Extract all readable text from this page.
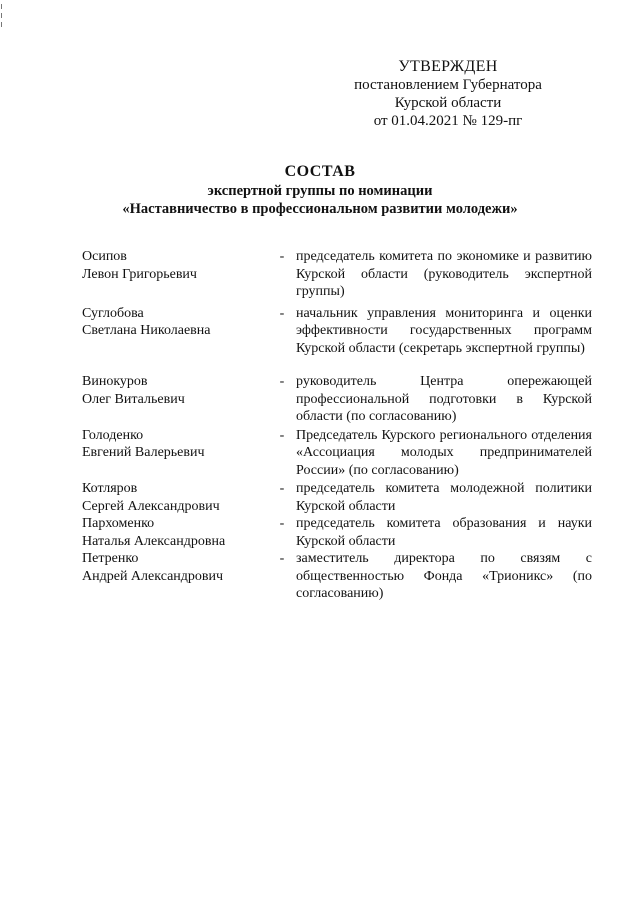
УТВЕРЖДЕН
постановлением Губернатора
Курской области
от 01.04.2021 № 129-пг
СОСТАВ
экспертной группы по номинации
«Наставничество в профессиональном развитии молодежи»
Осипов
Левон Григорьевич
- председатель комитета по экономике и развитию Курской области (руководитель экспертной группы)
Суглобова
Светлана Николаевна
- начальник управления мониторинга и оценки эффективности государственных программ Курской области (секретарь экспертной группы)
Винокуров
Олег Витальевич
- руководитель Центра опережающей профессиональной подготовки в Курской области (по согласованию)
Голоденко
Евгений Валерьевич
- Председатель Курского регионального отделения «Ассоциация молодых предпринимателей России» (по согласованию)
Котляров
Сергей Александрович
- председатель комитета молодежной политики Курской области
Пархоменко
Наталья Александровна
- председатель комитета образования и науки Курской области
Петренко
Андрей Александрович
- заместитель директора по связям с общественностью Фонда «Трионикс» (по согласованию)
